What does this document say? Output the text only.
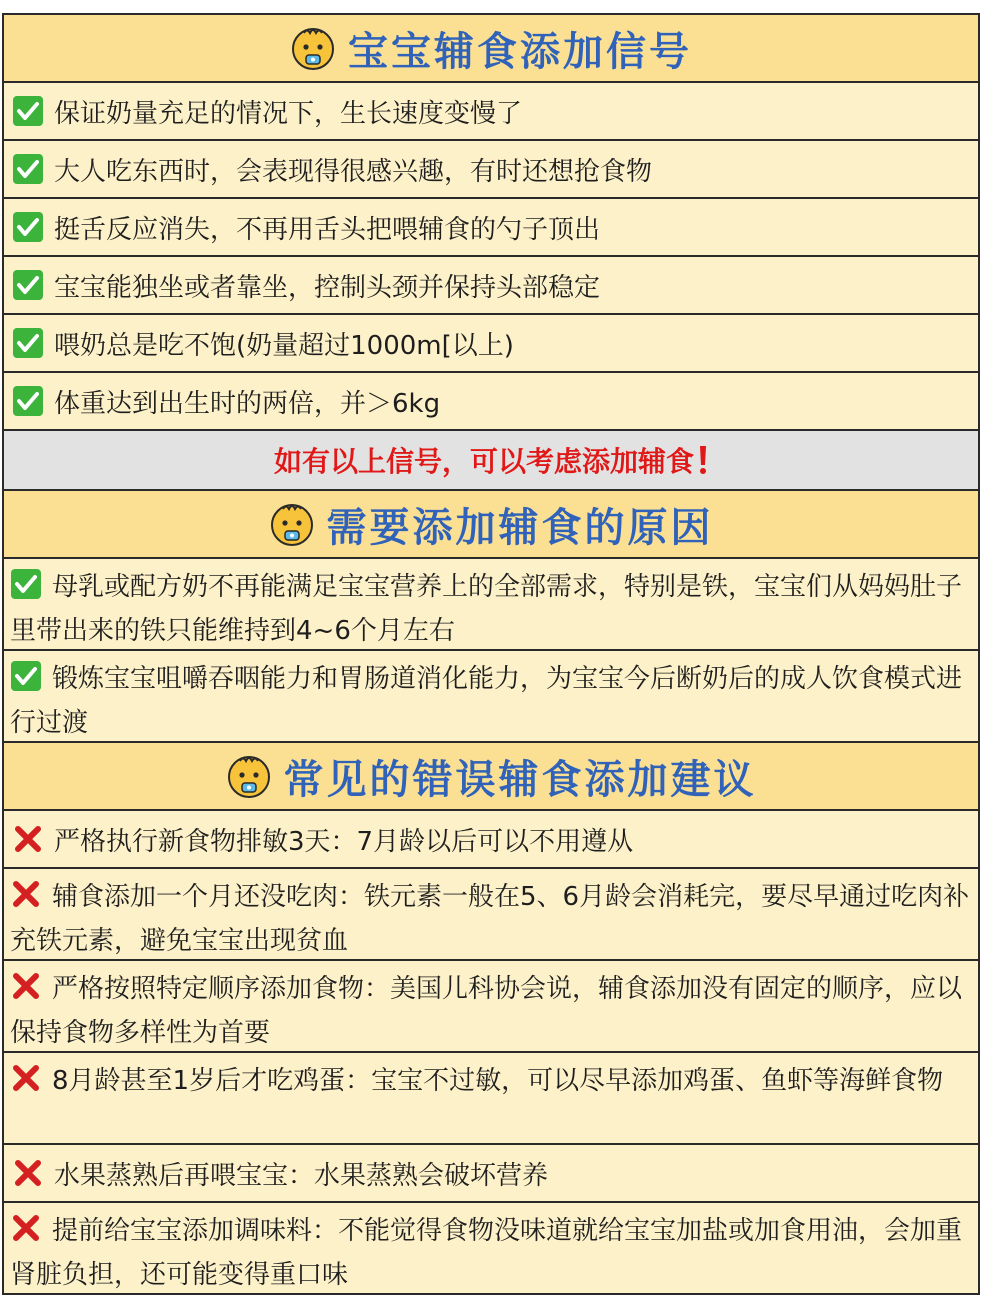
宝宝辅食添加信号
保证奶量充足的情况下，生长速度变慢了
大人吃东西时，会表现得很感兴趣，有时还想抢食物
挺舌反应消失，不再用舌头把喂辅食的勺子顶出
宝宝能独坐或者靠坐，控制头颈并保持头部稳定
喂奶总是吃不饱(奶量超过1000m[以上)
体重达到出生时的两倍，并＞6kg
如有以上信号，可以考虑添加辅食
需要添加辅食的原因
母乳或配方奶不再能满足宝宝营养上的全部需求，特别是铁，宝宝们从妈妈肚子里带出来的铁只能维持到4~6个月左右
锻炼宝宝咀嚼吞咽能力和胃肠道消化能力，为宝宝今后断奶后的成人饮食模式进行过渡
常见的错误辅食添加建议
严格执行新食物排敏3天：7月龄以后可以不用遵从
辅食添加一个月还没吃肉：铁元素一般在5、6月龄会消耗完，要尽早通过吃肉补充铁元素，避免宝宝出现贫血
严格按照特定顺序添加食物：美国儿科协会说，辅食添加没有固定的顺序，应以保持食物多样性为首要
8月龄甚至1岁后才吃鸡蛋：宝宝不过敏，可以尽早添加鸡蛋、鱼虾等海鲜食物
水果蒸熟后再喂宝宝：水果蒸熟会破坏营养
提前给宝宝添加调味料：不能觉得食物没味道就给宝宝加盐或加食用油，会加重肾脏负担，还可能变得重口味
